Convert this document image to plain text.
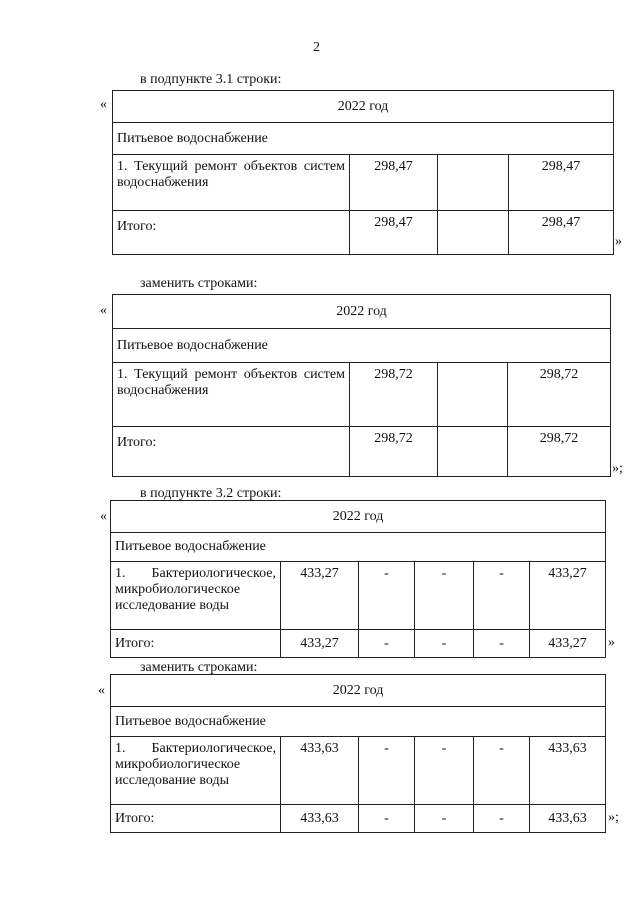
2
в подпункте 3.1 строки:
«	2022 год			
Питьевое водоснабжение			
1. Текущий ремонт объектов систем водоснабжения	298,47		298,47
Итого:	298,47		298,47
»
заменить строками:
«	2022 год			
Питьевое водоснабжение			
1. Текущий ремонт объектов систем водоснабжения	298,72		298,72
Итого:	298,72		298,72
»;
в подпункте 3.2 строки:
«	2022 год					
Питьевое водоснабжение					
1. Бактериологическое, микробиологическое исследование воды	433,27	-	-	-	433,27
Итого:	433,27	-	-	-	433,27 »
заменить строками:
«	2022 год					
Питьевое водоснабжение					
1. Бактериологическое, микробиологическое исследование воды	433,63	-	-	-	433,63
Итого:	433,63	-	-	-	433,63 »;
